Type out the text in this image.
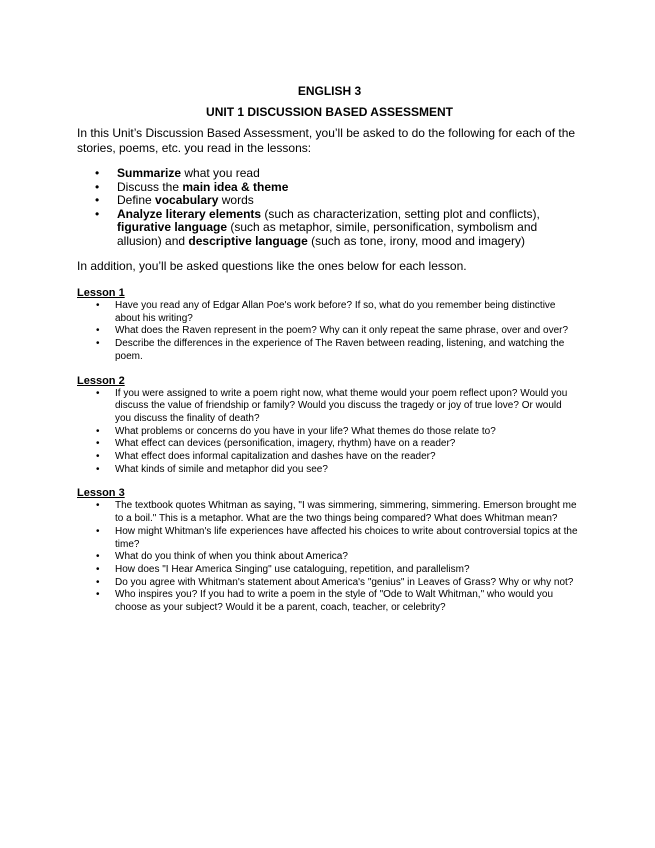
ENGLISH 3

UNIT 1 DISCUSSION BASED ASSESSMENT

In this Unit’s Discussion Based Assessment, you’ll be asked to do the following for each of the stories, poems, etc. you read in the lessons:

• Summarize what you read
• Discuss the main idea & theme
• Define vocabulary words
• Analyze literary elements (such as characterization, setting plot and conflicts), figurative language (such as metaphor, simile, personification, symbolism and allusion) and descriptive language (such as tone, irony, mood and imagery)

In addition, you’ll be asked questions like the ones below for each lesson.

Lesson 1

• Have you read any of Edgar Allan Poe's work before? If so, what do you remember being distinctive about his writing?
• What does the Raven represent in the poem? Why can it only repeat the same phrase, over and over?
• Describe the differences in the experience of The Raven between reading, listening, and watching the poem.

Lesson 2

• If you were assigned to write a poem right now, what theme would your poem reflect upon? Would you discuss the value of friendship or family? Would you discuss the tragedy or joy of true love? Or would you discuss the finality of death?
• What problems or concerns do you have in your life? What themes do those relate to?
• What effect can devices (personification, imagery, rhythm) have on a reader?
• What effect does informal capitalization and dashes have on the reader?
• What kinds of simile and metaphor did you see?

Lesson 3

• The textbook quotes Whitman as saying, "I was simmering, simmering, simmering. Emerson brought me to a boil." This is a metaphor. What are the two things being compared? What does Whitman mean?
• How might Whitman's life experiences have affected his choices to write about controversial topics at the time?
• What do you think of when you think about America?
• How does "I Hear America Singing" use cataloguing, repetition, and parallelism?
• Do you agree with Whitman's statement about America's "genius" in Leaves of Grass? Why or why not?
• Who inspires you? If you had to write a poem in the style of "Ode to Walt Whitman," who would you choose as your subject? Would it be a parent, coach, teacher, or celebrity?
